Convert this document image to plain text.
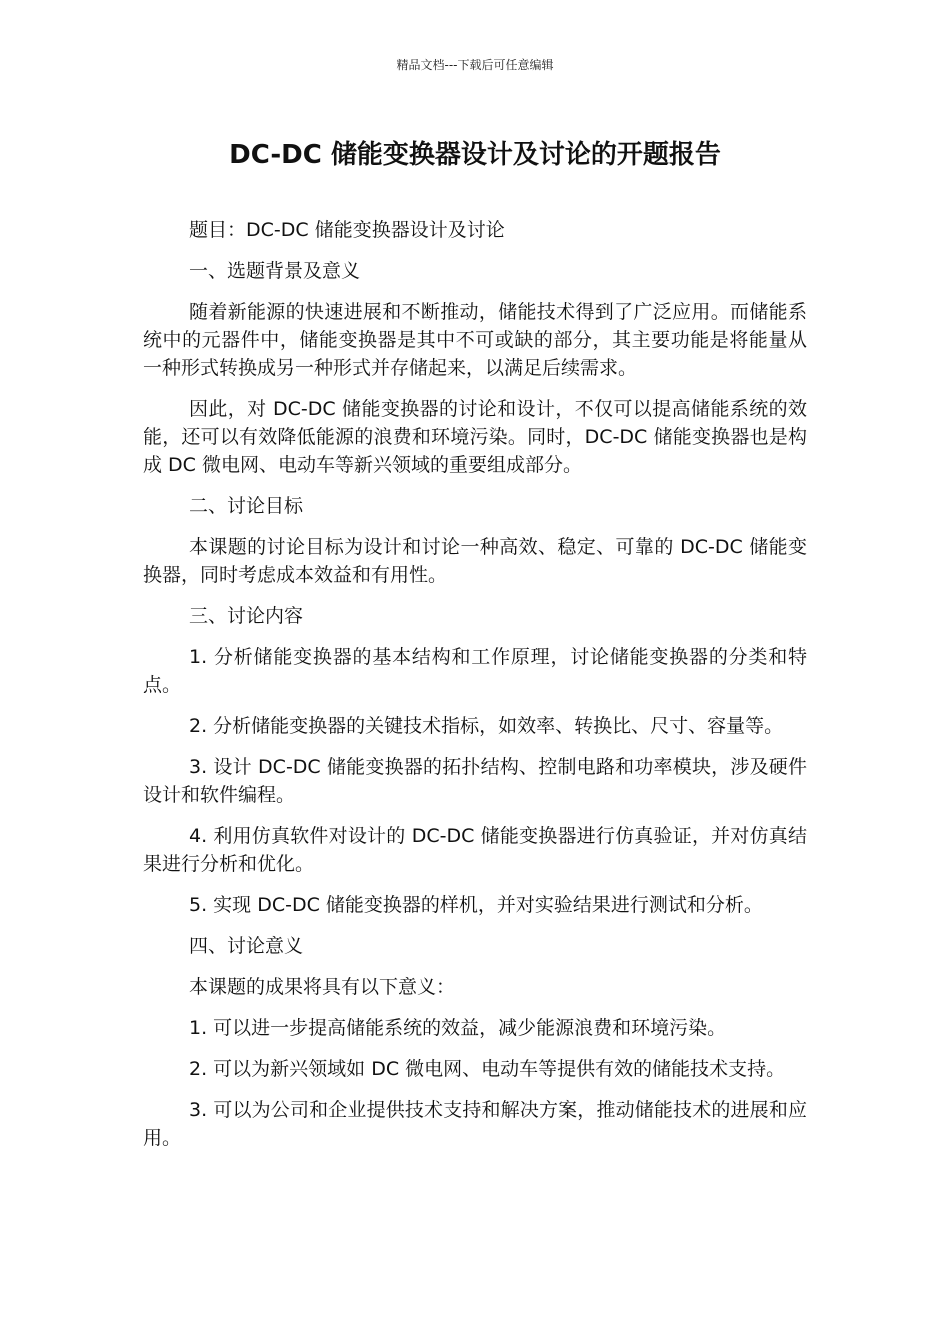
精品文档---下载后可任意编辑
DC-DC 储能变换器设计及讨论的开题报告

题目：DC-DC 储能变换器设计及讨论

一、选题背景及意义

随着新能源的快速进展和不断推动，储能技术得到了广泛应用。而储能系统中的元器件中，储能变换器是其中不可或缺的部分，其主要功能是将能量从一种形式转换成另一种形式并存储起来，以满足后续需求。

因此，对 DC-DC 储能变换器的讨论和设计，不仅可以提高储能系统的效能，还可以有效降低能源的浪费和环境污染。同时，DC-DC 储能变换器也是构成 DC 微电网、电动车等新兴领域的重要组成部分。

二、讨论目标

本课题的讨论目标为设计和讨论一种高效、稳定、可靠的 DC-DC 储能变换器，同时考虑成本效益和有用性。

三、讨论内容

1. 分析储能变换器的基本结构和工作原理，讨论储能变换器的分类和特点。

2. 分析储能变换器的关键技术指标，如效率、转换比、尺寸、容量等。

3. 设计 DC-DC 储能变换器的拓扑结构、控制电路和功率模块，涉及硬件设计和软件编程。

4. 利用仿真软件对设计的 DC-DC 储能变换器进行仿真验证，并对仿真结果进行分析和优化。

5. 实现 DC-DC 储能变换器的样机，并对实验结果进行测试和分析。

四、讨论意义

本课题的成果将具有以下意义：

1. 可以进一步提高储能系统的效益，减少能源浪费和环境污染。

2. 可以为新兴领域如 DC 微电网、电动车等提供有效的储能技术支持。

3. 可以为公司和企业提供技术支持和解决方案，推动储能技术的进展和应用。
